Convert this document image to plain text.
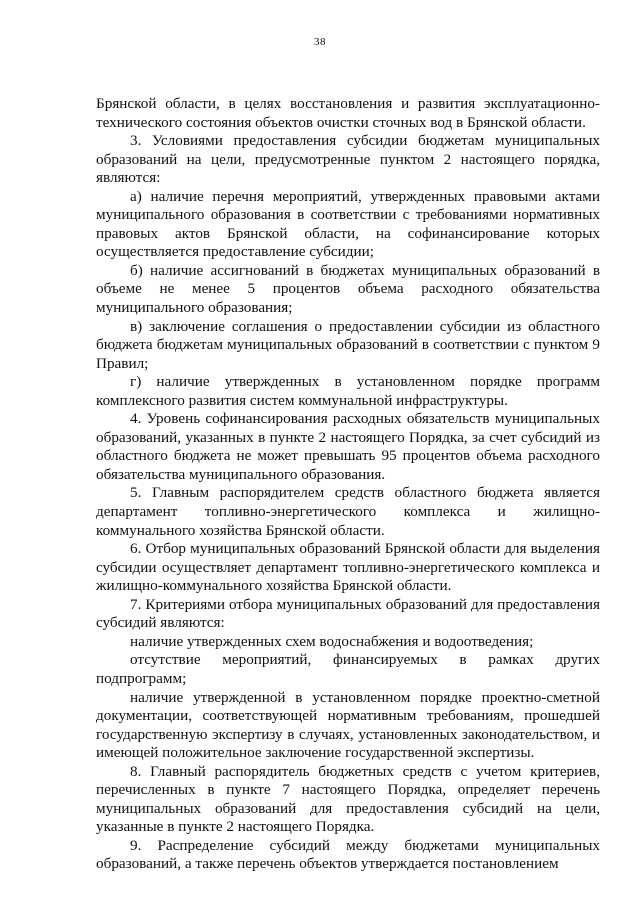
38

Брянской области, в целях восстановления и развития эксплуатационно-технического состояния объектов очистки сточных вод в Брянской области.

3. Условиями предоставления субсидии бюджетам муниципальных образований на цели, предусмотренные пунктом 2 настоящего порядка, являются:

а) наличие перечня мероприятий, утвержденных правовыми актами муниципального образования в соответствии с требованиями нормативных правовых актов Брянской области, на софинансирование которых осуществляется предоставление субсидии;

б) наличие ассигнований в бюджетах муниципальных образований в объеме не менее 5 процентов объема расходного обязательства муниципального образования;

в) заключение соглашения о предоставлении субсидии из областного бюджета бюджетам муниципальных образований в соответствии с пунктом 9 Правил;

г) наличие утвержденных в установленном порядке программ комплексного развития систем коммунальной инфраструктуры.

4. Уровень софинансирования расходных обязательств муниципальных образований, указанных в пункте 2 настоящего Порядка, за счет субсидий из областного бюджета не может превышать 95 процентов объема расходного обязательства муниципального образования.

5. Главным распорядителем средств областного бюджета является департамент топливно-энергетического комплекса и жилищно-коммунального хозяйства Брянской области.

6. Отбор муниципальных образований Брянской области для выделения субсидии осуществляет департамент топливно-энергетического комплекса и жилищно-коммунального хозяйства Брянской области.

7. Критериями отбора муниципальных образований для предоставления субсидий являются:

наличие утвержденных схем водоснабжения и водоотведения;

отсутствие мероприятий, финансируемых в рамках других подпрограмм;

наличие утвержденной в установленном порядке проектно-сметной документации, соответствующей нормативным требованиям, прошедшей государственную экспертизу в случаях, установленных законодательством, и имеющей положительное заключение государственной экспертизы.

8. Главный распорядитель бюджетных средств с учетом критериев, перечисленных в пункте 7 настоящего Порядка, определяет перечень муниципальных образований для предоставления субсидий на цели, указанные в пункте 2 настоящего Порядка.

9. Распределение субсидий между бюджетами муниципальных образований, а также перечень объектов утверждается постановлением
